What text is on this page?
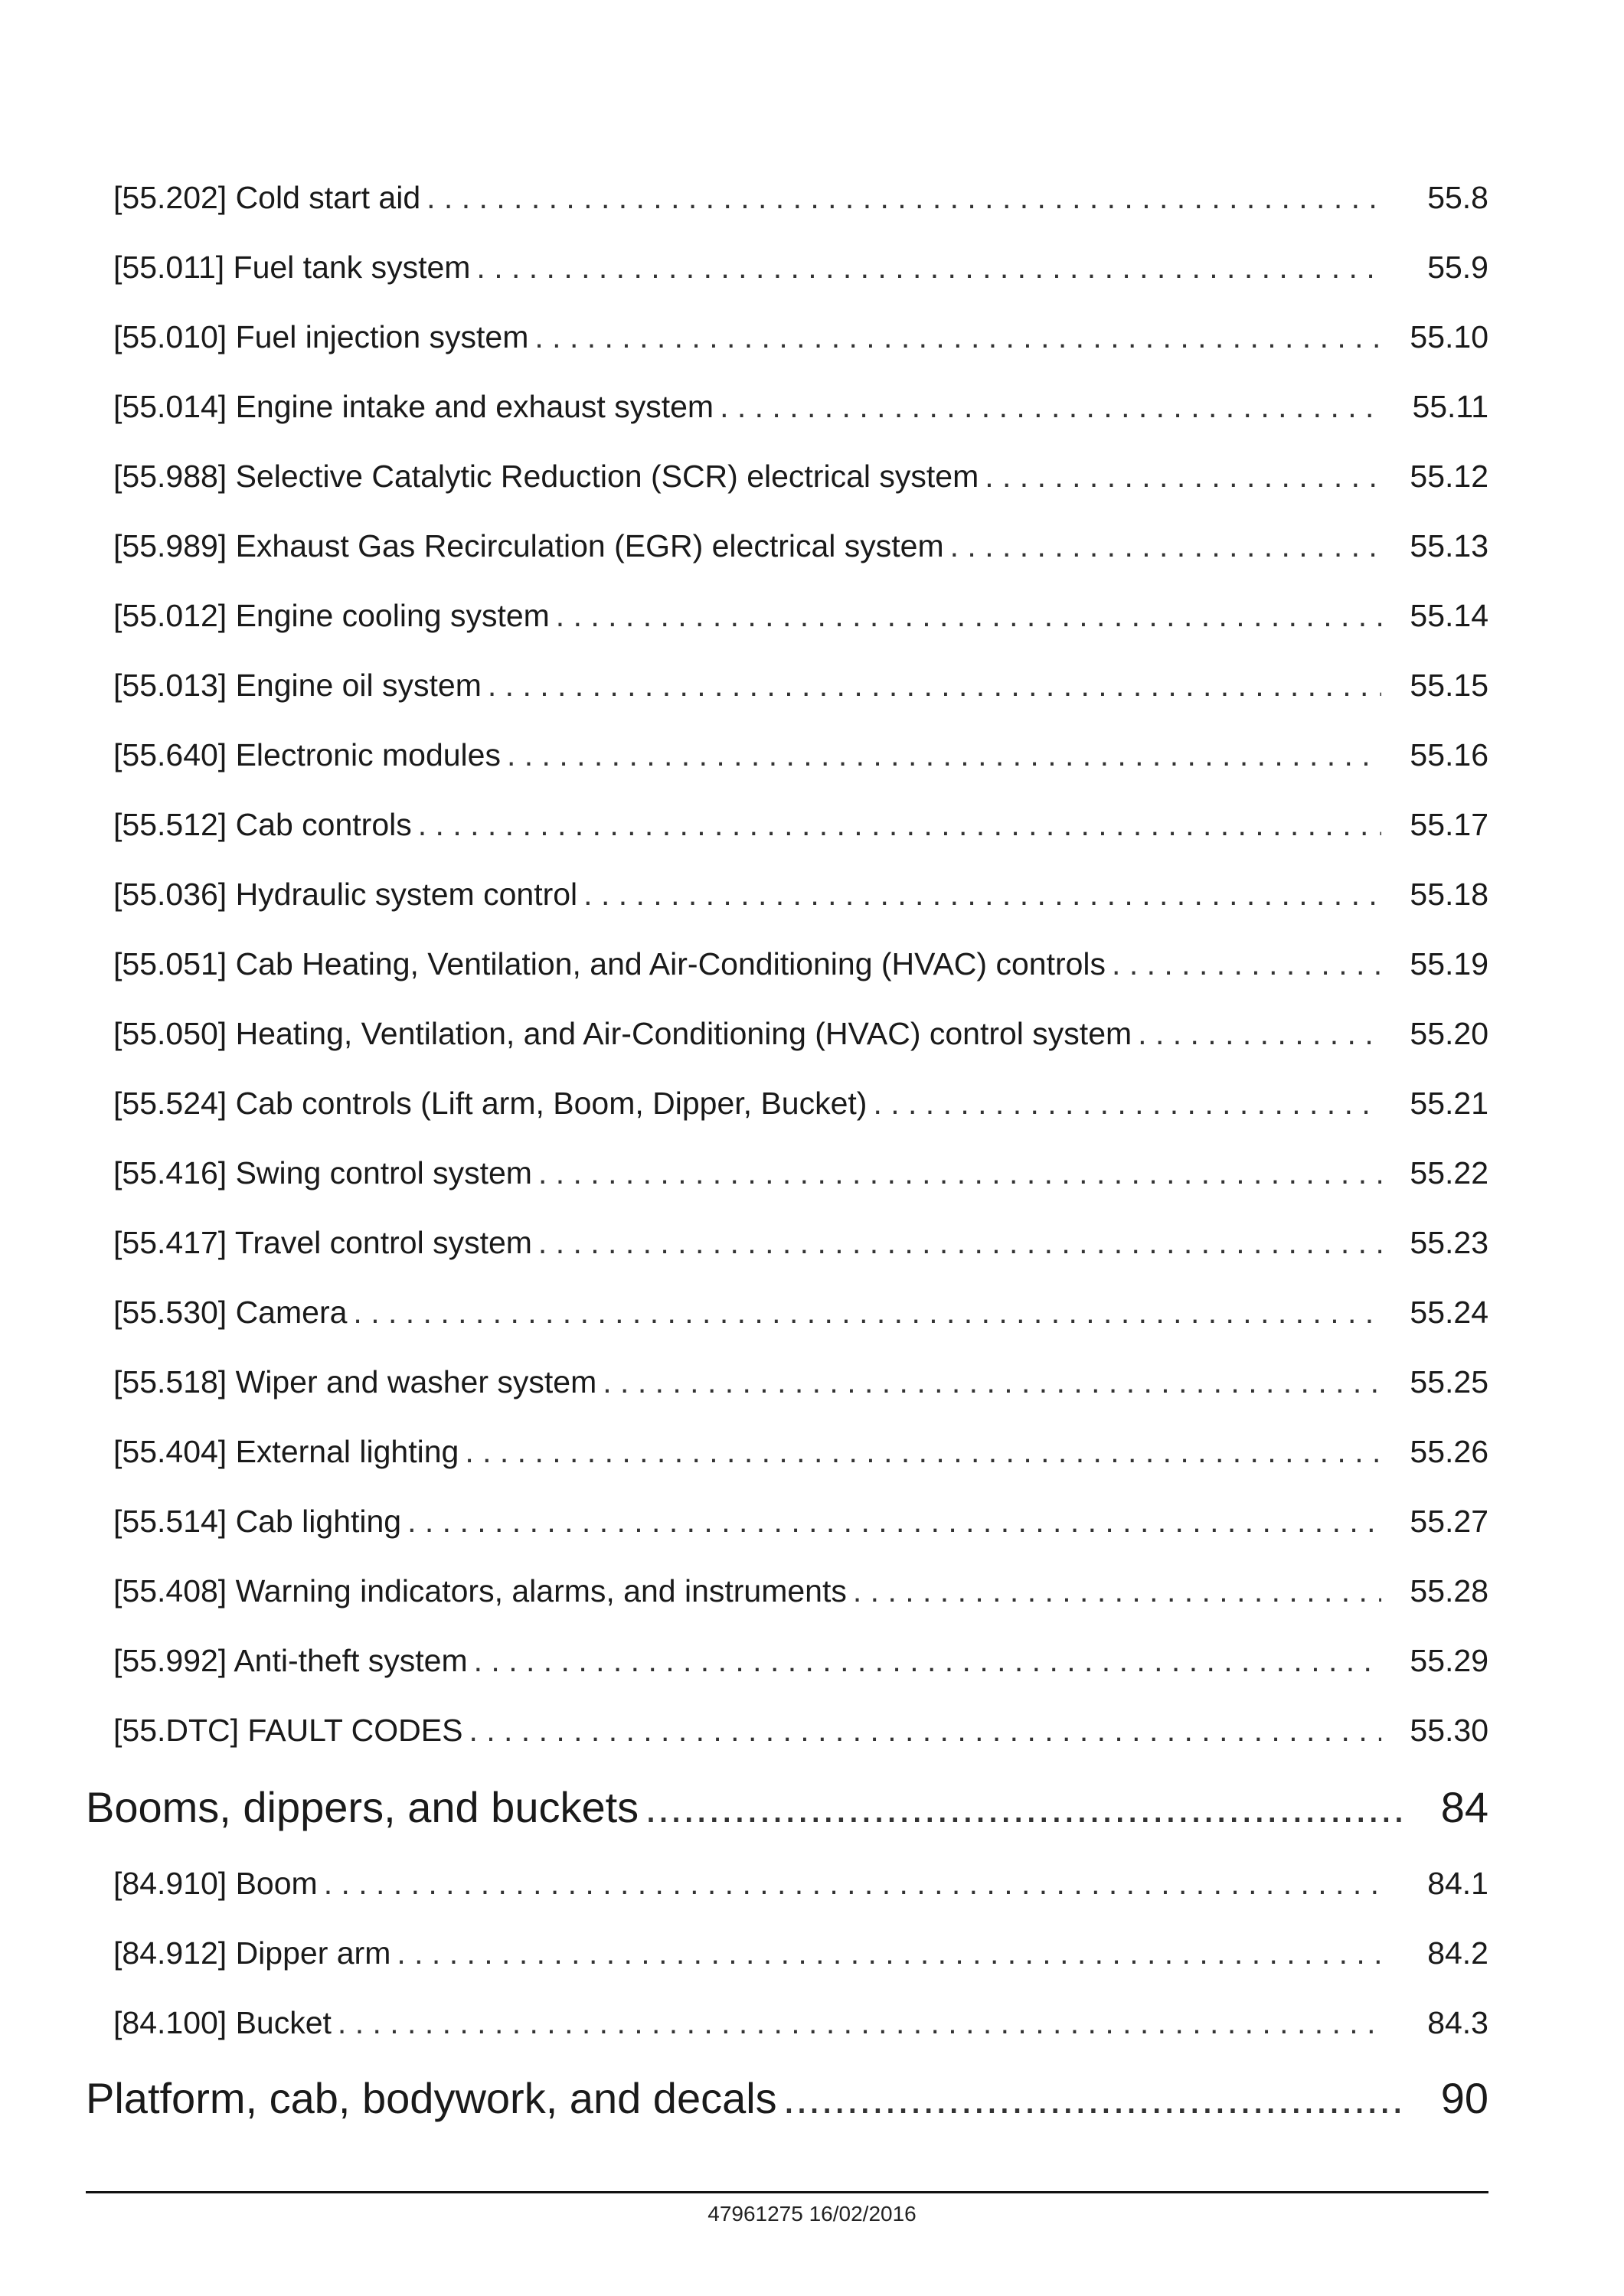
[55.202] Cold start aid . . .	55.8
[55.011] Fuel tank system . . .	55.9
[55.010] Fuel injection system . . .	55.10
[55.014] Engine intake and exhaust system . . .	55.11
[55.988] Selective Catalytic Reduction (SCR) electrical system . . .	55.12
[55.989] Exhaust Gas Recirculation (EGR) electrical system . . .	55.13
[55.012] Engine cooling system . . .	55.14
[55.013] Engine oil system . . .	55.15
[55.640] Electronic modules . . .	55.16
[55.512] Cab controls . . .	55.17
[55.036] Hydraulic system control . . .	55.18
[55.051] Cab Heating, Ventilation, and Air-Conditioning (HVAC) controls . . .	55.19
[55.050] Heating, Ventilation, and Air-Conditioning (HVAC) control system . . .	55.20
[55.524] Cab controls (Lift arm, Boom, Dipper, Bucket) . . .	55.21
[55.416] Swing control system . . .	55.22
[55.417] Travel control system . . .	55.23
[55.530] Camera . . .	55.24
[55.518] Wiper and washer system . . .	55.25
[55.404] External lighting . . .	55.26
[55.514] Cab lighting . . .	55.27
[55.408] Warning indicators, alarms, and instruments . . .	55.28
[55.992] Anti-theft system . . .	55.29
[55.DTC] FAULT CODES . . .	55.30
Booms, dippers, and buckets .....	84
[84.910] Boom . . .	84.1
[84.912] Dipper arm . . .	84.2
[84.100] Bucket . . .	84.3
Platform, cab, bodywork, and decals .....	90
47961275 16/02/2016
